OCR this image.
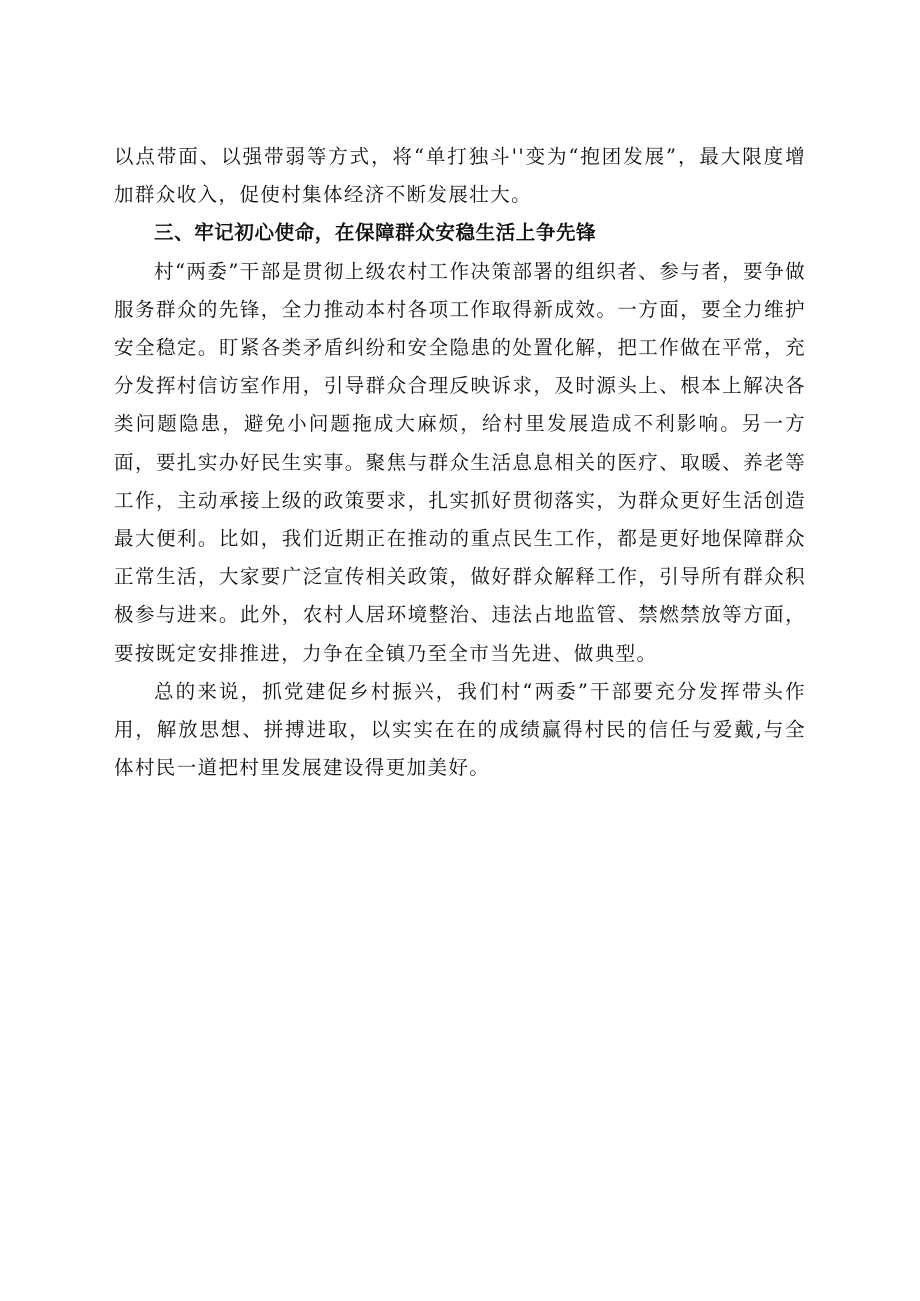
以点带面、以强带弱等方式，将“单打独斗''变为“抱团发展”，最大限度增加群众收入，促使村集体经济不断发展壮大。

三、牢记初心使命，在保障群众安稳生活上争先锋

村“两委”干部是贯彻上级农村工作决策部署的组织者、参与者，要争做服务群众的先锋，全力推动本村各项工作取得新成效。一方面，要全力维护安全稳定。盯紧各类矛盾纠纷和安全隐患的处置化解，把工作做在平常，充分发挥村信访室作用，引导群众合理反映诉求，及时源头上、根本上解决各类问题隐患，避免小问题拖成大麻烦，给村里发展造成不利影响。另一方面，要扎实办好民生实事。聚焦与群众生活息息相关的医疗、取暖、养老等工作，主动承接上级的政策要求，扎实抓好贯彻落实，为群众更好生活创造最大便利。比如，我们近期正在推动的重点民生工作，都是更好地保障群众正常生活，大家要广泛宣传相关政策，做好群众解释工作，引导所有群众积极参与进来。此外，农村人居环境整治、违法占地监管、禁燃禁放等方面，要按既定安排推进，力争在全镇乃至全市当先进、做典型。

总的来说，抓党建促乡村振兴，我们村“两委”干部要充分发挥带头作用，解放思想、拼搏进取，以实实在在的成绩赢得村民的信任与爱戴,与全体村民一道把村里发展建设得更加美好。
